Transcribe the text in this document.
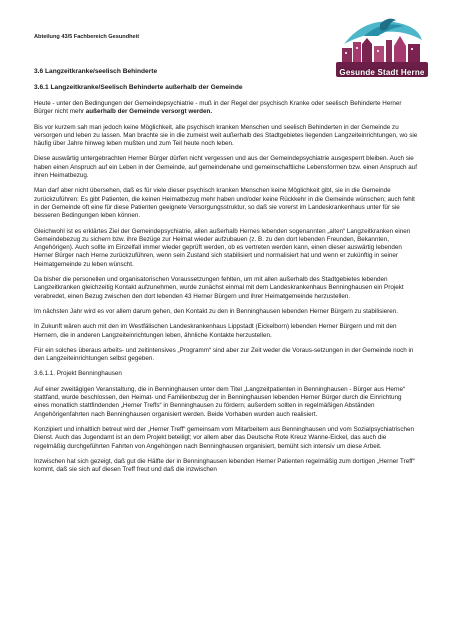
Abteilung 43/5 Fachbereich Gesundheit
Gesunde Stadt Herne
3.6 Langzeitkranke/seelisch Behinderte
3.6.1 Langzeitkranke/Seelisch Behinderte außerhalb der Gemeinde

Heute - unter den Bedingungen der Gemeindepsychiatrie - muß in der Regel der psychisch Kranke oder seelisch Behinderte Herner Bürger nicht mehr außerhalb der Gemeinde versorgt werden.

Bis vor kurzem sah man jedoch keine Möglichkeit, alle psychisch kranken Menschen und seelisch Behinderten in der Gemeinde zu versorgen und leben zu lassen. Man brachte sie in die zumeist weit außerhalb des Stadtgebietes liegenden Langzeiteinrichtungen, wo sie häufig über Jahre hinweg leben mußten und zum Teil heute noch leben.

Diese auswärtig untergebrachten Herner Bürger dürfen nicht vergessen und aus der Gemeindepsychiatrie ausgesperrt bleiben. Auch sie haben einen Anspruch auf ein Leben in der Gemeinde, auf gemeindenahe und gemeinschaftliche Lebensformen bzw. einen Anspruch auf ihren Heimatbezug.

Man darf aber nicht übersehen, daß es für viele dieser psychisch kranken Menschen keine Möglichkeit gibt, sie in die Gemeinde zurückzuführen: Es gibt Patienten, die keinen Heimatbezug mehr haben und/oder keine Rückkehr in die Gemeinde wünschen; auch fehlt in der Gemeinde oft eine für diese Patienten geeignete Versorgungsstruktur, so daß sie vorerst im Landeskrankenhaus unter für sie besseren Bedingungen leben können.

Gleichwohl ist es erklärtes Ziel der Gemeindepsychiatrie, allen außerhalb Hernes lebenden sogenannten „alten“ Langzeitkranken einen Gemeindebezug zu sichern bzw. ihre Bezüge zur Heimat wieder aufzubauen (z. B. zu den dort lebenden Freunden, Bekannten, Angehörigen). Auch sollte im Einzelfall immer wieder geprüft werden, ob es vertreten werden kann, einen dieser auswärtig lebenden Herner Bürger nach Herne zurückzuführen, wenn sein Zustand sich stabilisiert und normalisiert hat und wenn er zukünftig in seiner Heimatgemeinde zu leben wünscht.

Da bisher die personellen und organisatorischen Voraussetzungen fehlten, um mit allen außerhalb des Stadtgebietes lebenden Langzeitkranken gleichzeitig Kontakt aufzunehmen, wurde zunächst einmal mit dem Landeskrankenhaus Benninghausen ein Projekt verabredet, einen Bezug zwischen den dort lebenden 43 Herner Bürgern und ihrer Heimatgemeinde herzustellen.

Im nächsten Jahr wird es vor allem darum gehen, den Kontakt zu den in Benninghausen lebenden Herner Bürgern zu stabilisieren.

In Zukunft wären auch mit den im Westfälischen Landeskrankenhaus Lippstadt (Eickelborn) lebenden Herner Bürgern und mit den Hernern, die in anderen Langzeiteinrichtungen leben, ähnliche Kontakte herzustellen.

Für ein solches überaus arbeits- und zeitintensives „Programm“ sind aber zur Zeit weder die Voraus-setzungen in der Gemeinde noch in den Langzeiteinrichtungen selbst gegeben.

3.6.1.1. Projekt Benninghausen

Auf einer zweitägigen Veranstaltung, die in Benninghausen unter dem Titel „Langzeitpatienten in Benninghausen - Bürger aus Herne“ stattfand, wurde beschlossen, den Heimat- und Familienbezug der in Benninghausen lebenden Herner Bürger durch die Einrichtung eines monatlich stattfindenden „Herner Treffs“ in Benninghausen zu fördern; außerdem sollten in regelmäßigen Abständen Angehörigenfahrten nach Benninghausen organisiert werden. Beide Vorhaben wurden auch realisiert.

Konzipiert und inhaltlich betreut wird der „Herner Treff“ gemeinsam vom Mitarbeitern aus Benninghausen und vom Sozialpsychiatrischen Dienst. Auch das Jugendamt ist an dem Projekt beteiligt; vor allem aber das Deutsche Rote Kreuz Wanne-Eickel, das auch die regelmäßig durchgeführten Fahrten von Angehöngen nach Benninghausen organisiert, bemüht sich intensiv um diese Arbeit.

Inzwischen hat sich gezeigt, daß gut die Hälfte der in Benninghausen lebenden Herner Patienten regelmäßig zum dortigen „Herner Treff“ kommt, daß sie sich auf diesen Treff freut und daß die inzwischen
